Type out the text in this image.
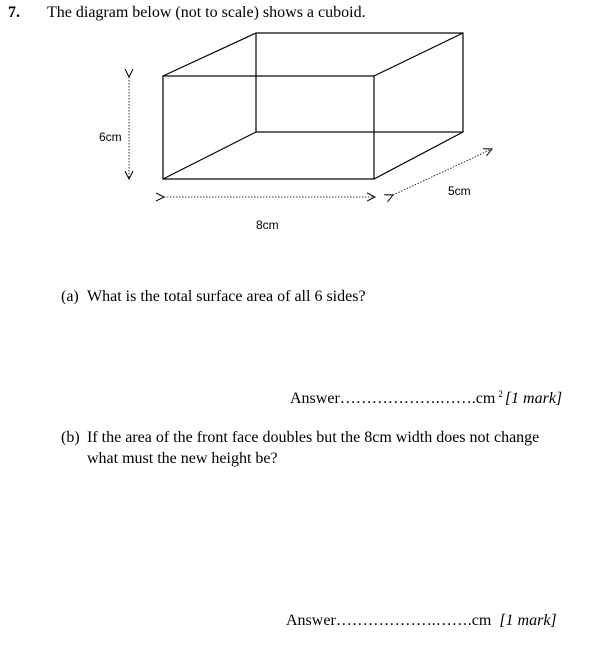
7. The diagram below (not to scale) shows a cuboid.
6cm
8cm
5cm
(a) What is the total surface area of all 6 sides?
Answer……………….…….cm $^2$ [1 mark]
(b) If the area of the front face doubles but the 8cm width does not change
what must the new height be?
Answer……………….…….cm [1 mark]
